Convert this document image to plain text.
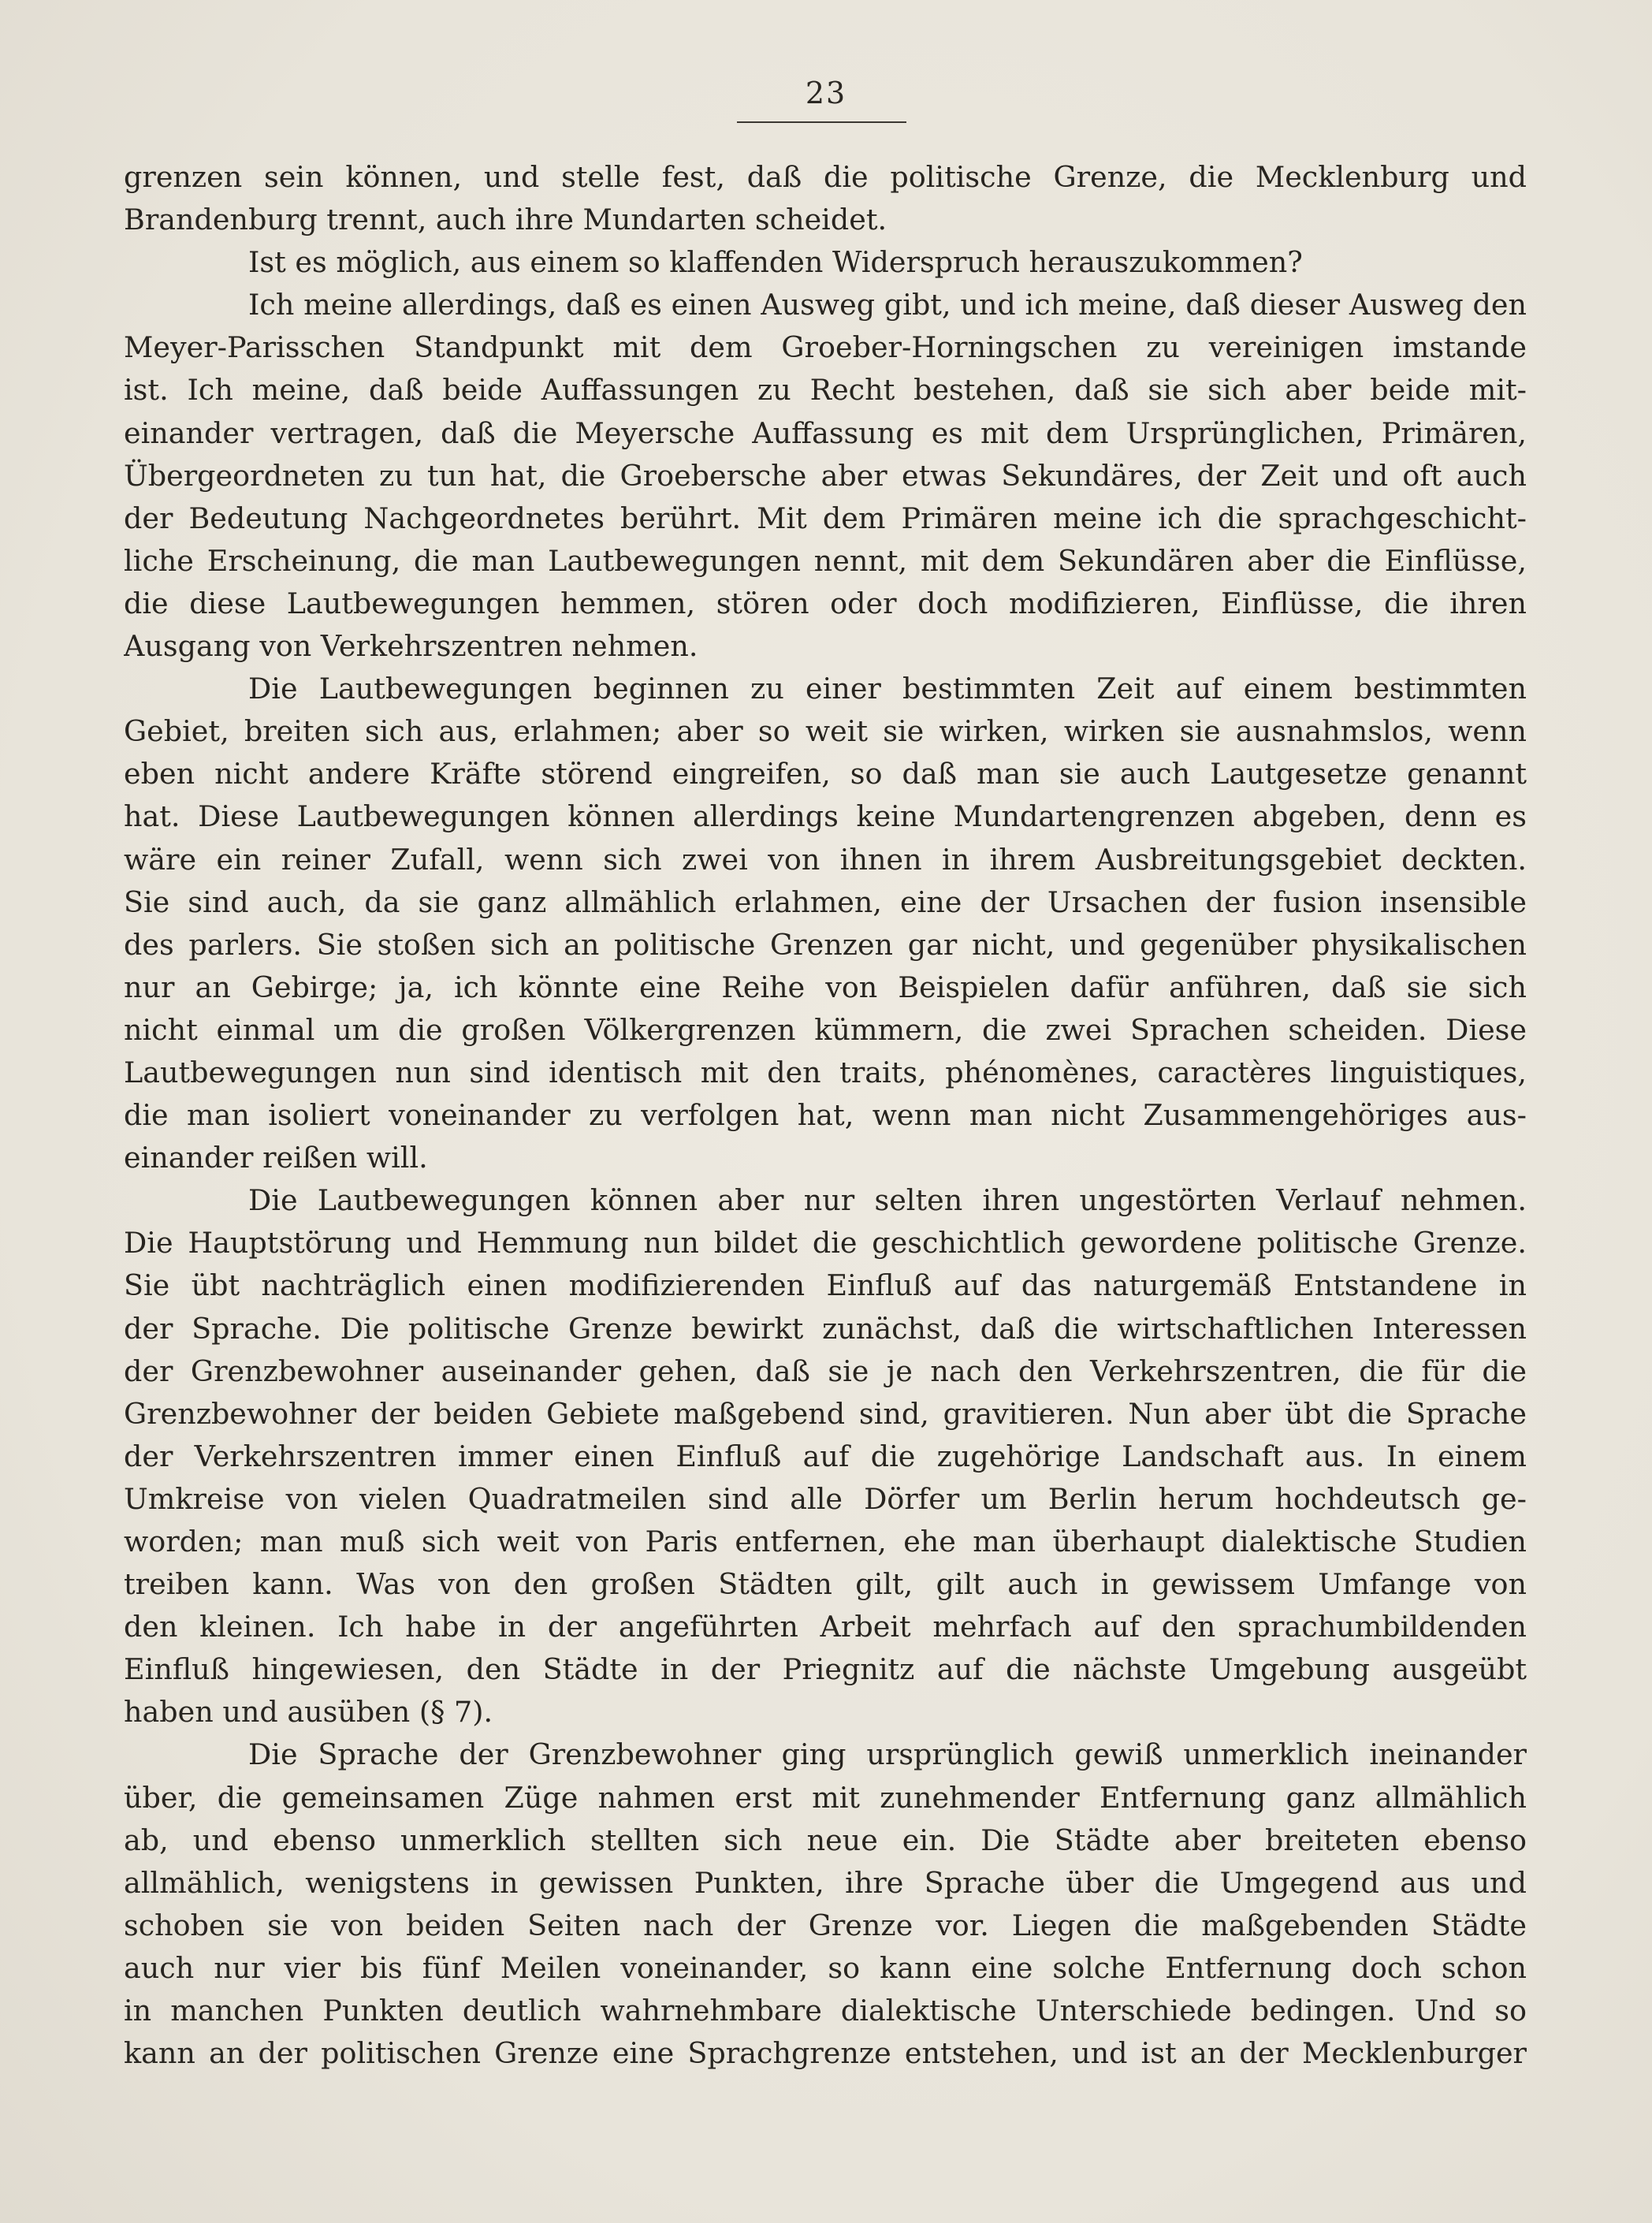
23
grenzen sein können, und stelle fest, daß die politische Grenze, die Mecklenburg und
Brandenburg trennt, auch ihre Mundarten scheidet.
Ist es möglich, aus einem so klaffenden Widerspruch herauszukommen?
Ich meine allerdings, daß es einen Ausweg gibt, und ich meine, daß dieser Ausweg den
Meyer-Parisschen Standpunkt mit dem Groeber-Horningschen zu vereinigen imstande
ist. Ich meine, daß beide Auffassungen zu Recht bestehen, daß sie sich aber beide mit-
einander vertragen, daß die Meyersche Auffassung es mit dem Ursprünglichen, Primären,
Übergeordneten zu tun hat, die Groebersche aber etwas Sekundäres, der Zeit und oft auch
der Bedeutung Nachgeordnetes berührt. Mit dem Primären meine ich die sprachgeschicht-
liche Erscheinung, die man Lautbewegungen nennt, mit dem Sekundären aber die Einflüsse,
die diese Lautbewegungen hemmen, stören oder doch modifizieren, Einflüsse, die ihren
Ausgang von Verkehrszentren nehmen.
Die Lautbewegungen beginnen zu einer bestimmten Zeit auf einem bestimmten
Gebiet, breiten sich aus, erlahmen; aber so weit sie wirken, wirken sie ausnahmslos, wenn
eben nicht andere Kräfte störend eingreifen, so daß man sie auch Lautgesetze genannt
hat. Diese Lautbewegungen können allerdings keine Mundartengrenzen abgeben, denn es
wäre ein reiner Zufall, wenn sich zwei von ihnen in ihrem Ausbreitungsgebiet deckten.
Sie sind auch, da sie ganz allmählich erlahmen, eine der Ursachen der fusion insensible
des parlers. Sie stoßen sich an politische Grenzen gar nicht, und gegenüber physikalischen
nur an Gebirge; ja, ich könnte eine Reihe von Beispielen dafür anführen, daß sie sich
nicht einmal um die großen Völkergrenzen kümmern, die zwei Sprachen scheiden. Diese
Lautbewegungen nun sind identisch mit den traits, phénomènes, caractères linguistiques,
die man isoliert voneinander zu verfolgen hat, wenn man nicht Zusammengehöriges aus-
einander reißen will.
Die Lautbewegungen können aber nur selten ihren ungestörten Verlauf nehmen.
Die Hauptstörung und Hemmung nun bildet die geschichtlich gewordene politische Grenze.
Sie übt nachträglich einen modifizierenden Einfluß auf das naturgemäß Entstandene in
der Sprache. Die politische Grenze bewirkt zunächst, daß die wirtschaftlichen Interessen
der Grenzbewohner auseinander gehen, daß sie je nach den Verkehrszentren, die für die
Grenzbewohner der beiden Gebiete maßgebend sind, gravitieren. Nun aber übt die Sprache
der Verkehrszentren immer einen Einfluß auf die zugehörige Landschaft aus. In einem
Umkreise von vielen Quadratmeilen sind alle Dörfer um Berlin herum hochdeutsch ge-
worden; man muß sich weit von Paris entfernen, ehe man überhaupt dialektische Studien
treiben kann. Was von den großen Städten gilt, gilt auch in gewissem Umfange von
den kleinen. Ich habe in der angeführten Arbeit mehrfach auf den sprachumbildenden
Einfluß hingewiesen, den Städte in der Priegnitz auf die nächste Umgebung ausgeübt
haben und ausüben (§ 7).
Die Sprache der Grenzbewohner ging ursprünglich gewiß unmerklich ineinander
über, die gemeinsamen Züge nahmen erst mit zunehmender Entfernung ganz allmählich
ab, und ebenso unmerklich stellten sich neue ein. Die Städte aber breiteten ebenso
allmählich, wenigstens in gewissen Punkten, ihre Sprache über die Umgegend aus und
schoben sie von beiden Seiten nach der Grenze vor. Liegen die maßgebenden Städte
auch nur vier bis fünf Meilen voneinander, so kann eine solche Entfernung doch schon
in manchen Punkten deutlich wahrnehmbare dialektische Unterschiede bedingen. Und so
kann an der politischen Grenze eine Sprachgrenze entstehen, und ist an der Mecklenburger
